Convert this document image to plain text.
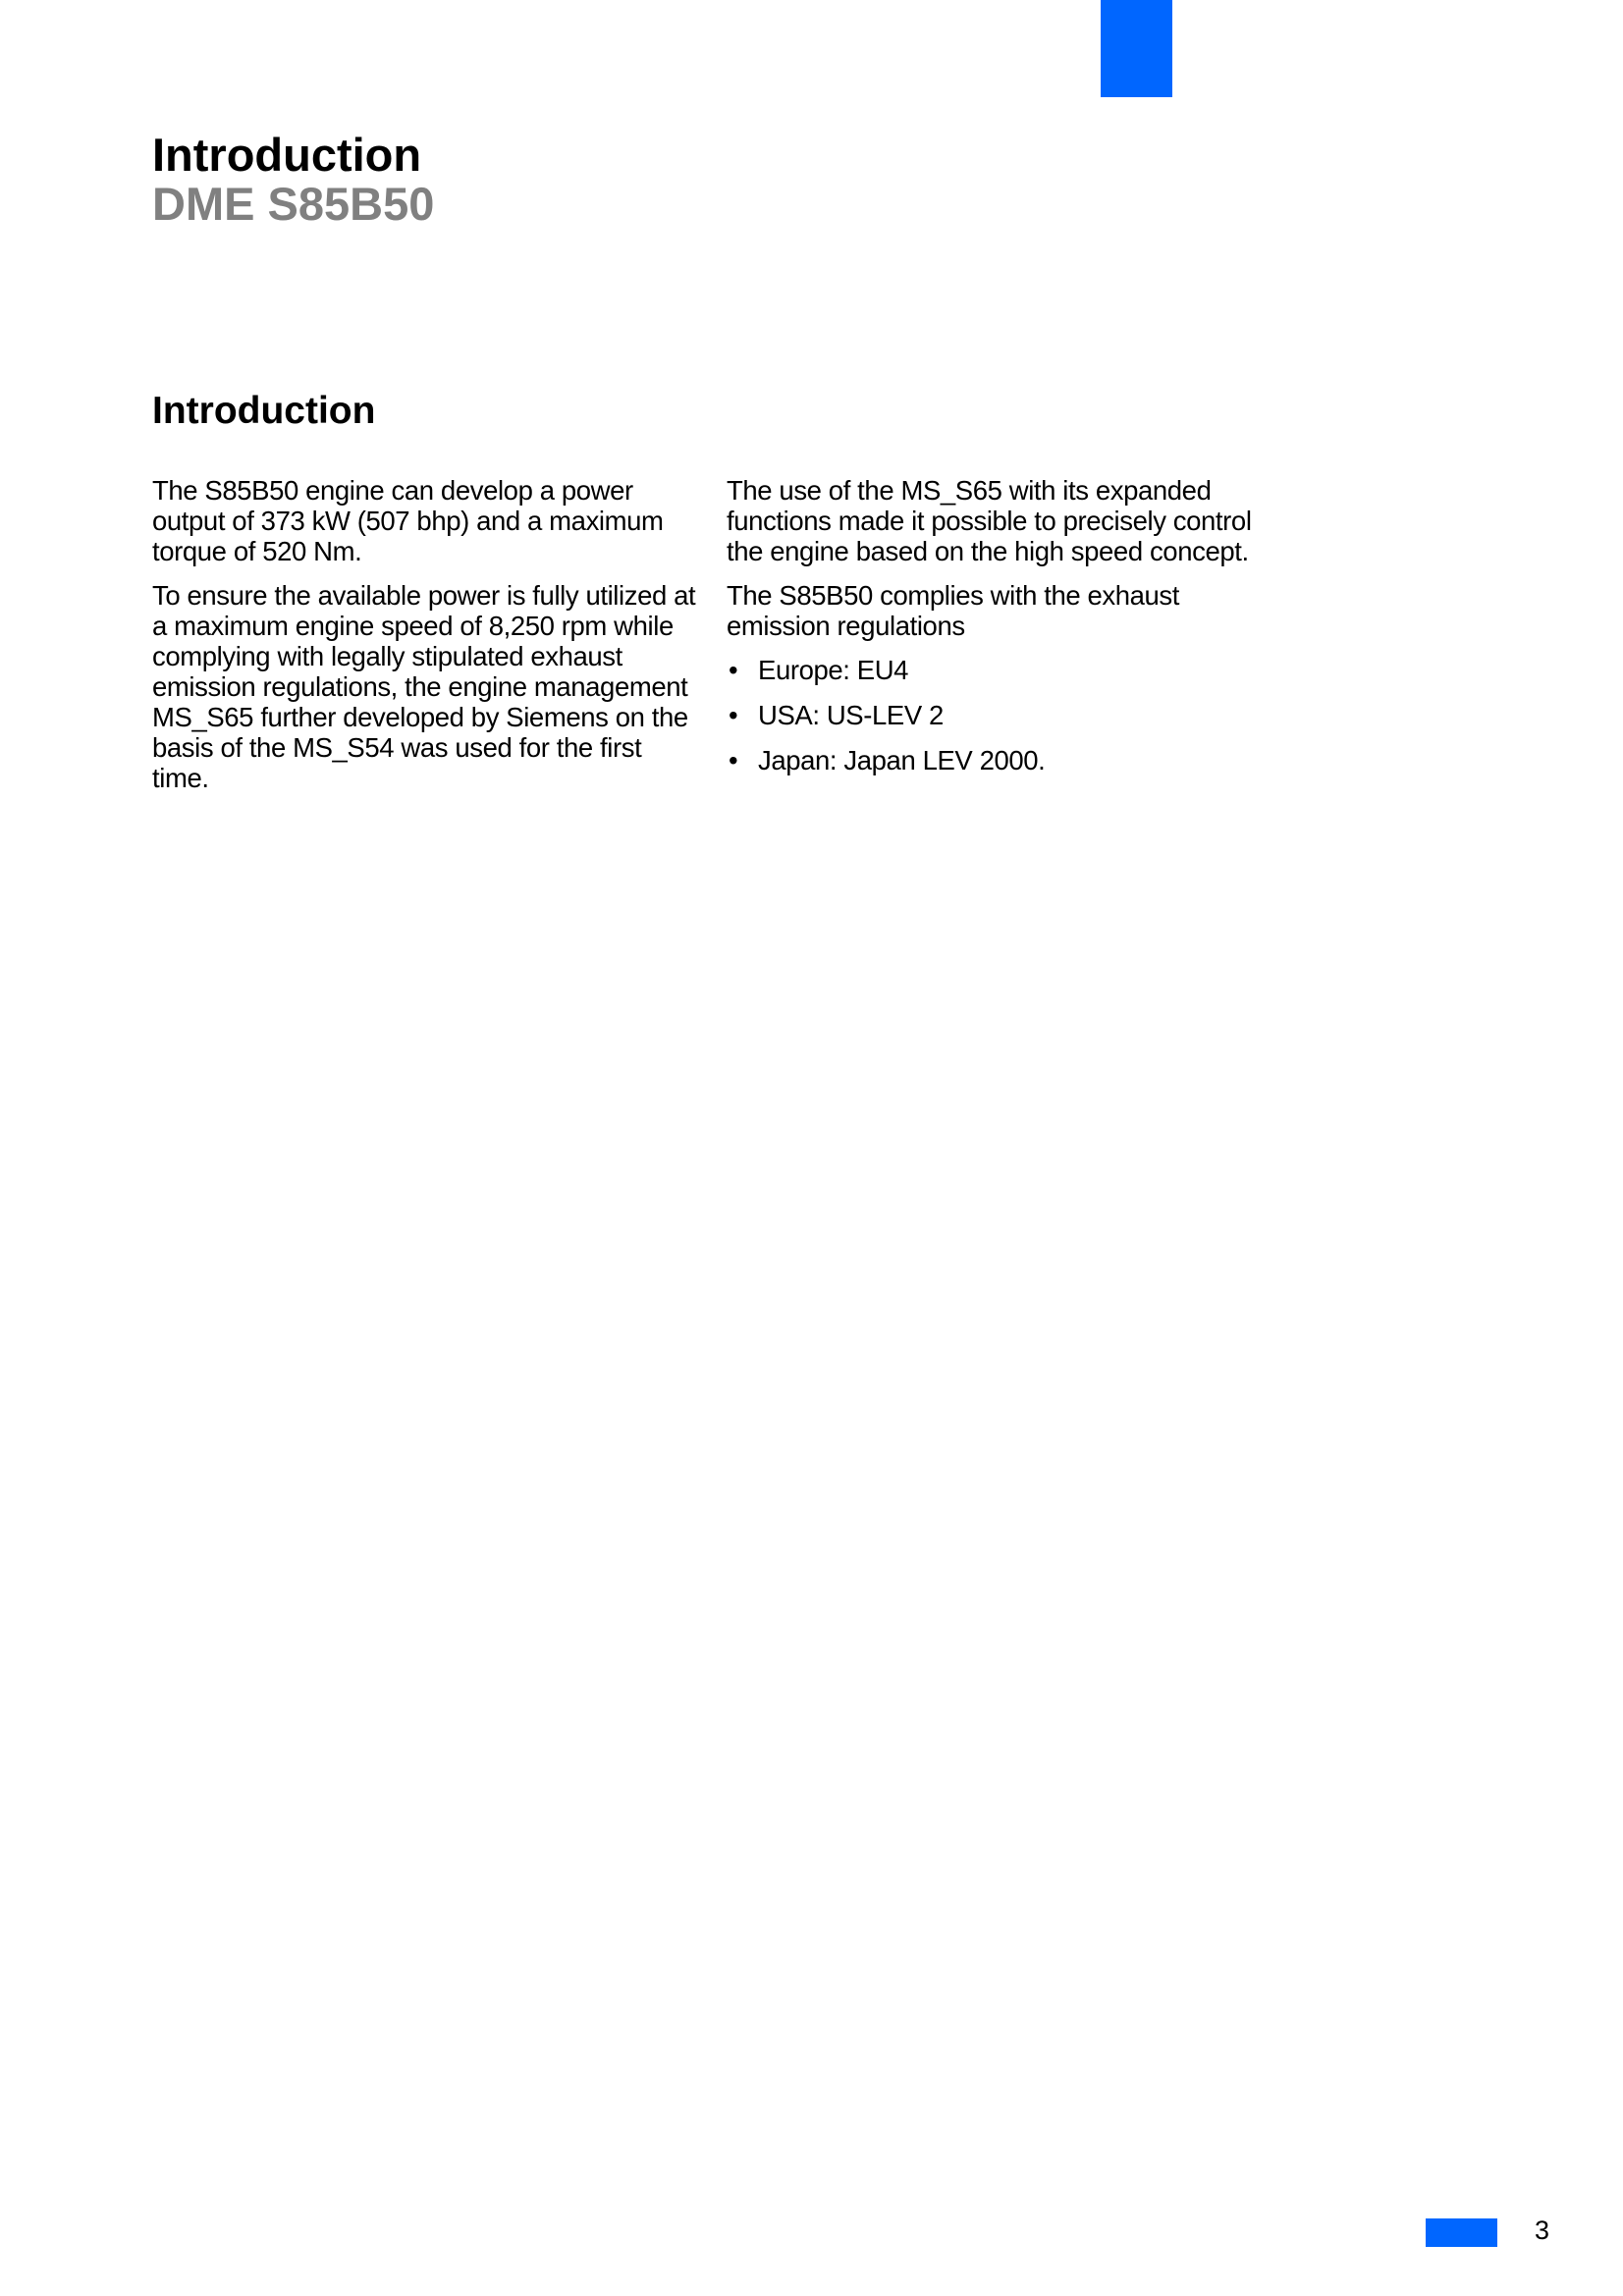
Introduction
DME S85B50
Introduction

The S85B50 engine can develop a power output of 373 kW (507 bhp) and a maximum torque of 520 Nm.

To ensure the available power is fully utilized at a maximum engine speed of 8,250 rpm while complying with legally stipulated exhaust emission regulations, the engine management MS_S65 further developed by Siemens on the basis of the MS_S54 was used for the first time.

The use of the MS_S65 with its expanded functions made it possible to precisely control the engine based on the high speed concept.

The S85B50 complies with the exhaust emission regulations

• Europe: EU4
• USA: US-LEV 2
• Japan: Japan LEV 2000.
3
